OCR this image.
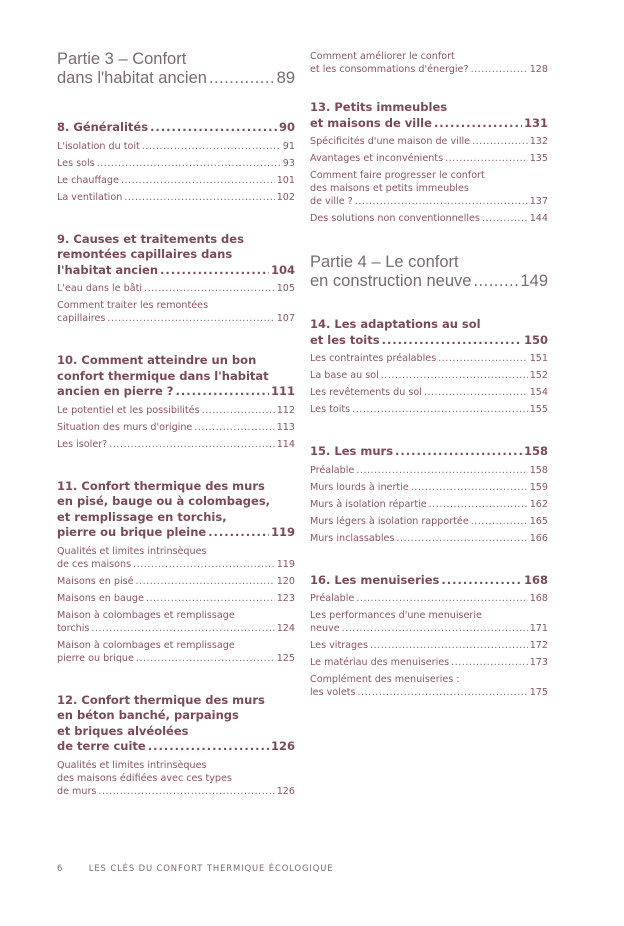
Partie 3 – Confort
dans l'habitat ancien .....	89
8. Généralités .....	90
L'isolation du toit .....	91
Les sols .....	93
Le chauffage .....	101
La ventilation .....	102
9. Causes et traitements des
remontées capillaires dans
l'habitat ancien .....	104
L'eau dans le bâti .....	105
Comment traiter les remontées
capillaires .....	107
10. Comment atteindre un bon
confort thermique dans l'habitat
ancien en pierre ? .....	111
Le potentiel et les possibilités .....	112
Situation des murs d'origine .....	113
Les isoler? .....	114
11. Confort thermique des murs
en pisé, bauge ou à colombages,
et remplissage en torchis,
pierre ou brique pleine .....	119
Qualités et limites intrinsèques
de ces maisons .....	119
Maisons en pisé .....	120
Maisons en bauge .....	123
Maison à colombages et remplissage
torchis .....	124
Maison à colombages et remplissage
pierre ou brique .....	125
12. Confort thermique des murs
en béton banché, parpaings
et briques alvéolées
de terre cuite .....	126
Qualités et limites intrinsèques
des maisons édifiées avec ces types
de murs .....	126
Comment améliorer le confort
et les consommations d'énergie? .....	128
13. Petits immeubles
et maisons de ville .....	131
Spécificités d'une maison de ville .....	132
Avantages et inconvénients .....	135
Comment faire progresser le confort
des maisons et petits immeubles
de ville ? .....	137
Des solutions non conventionnelles .....	144
Partie 4 – Le confort
en construction neuve .....	149
14. Les adaptations au sol
et les toits .....	150
Les contraintes préalables .....	151
La base au sol .....	152
Les revêtements du sol .....	154
Les toits .....	155
15. Les murs .....	158
Préalable .....	158
Murs lourds à inertie .....	159
Murs à isolation répartie .....	162
Murs légers à isolation rapportée .....	165
Murs inclassables .....	166
16. Les menuiseries .....	168
Préalable .....	168
Les performances d'une menuiserie
neuve .....	171
Les vitrages .....	172
Le matériau des menuiseries .....	173
Complément des menuiseries :
les volets .....	175
6	LES CLÉS DU CONFORT THERMIQUE ÉCOLOGIQUE
